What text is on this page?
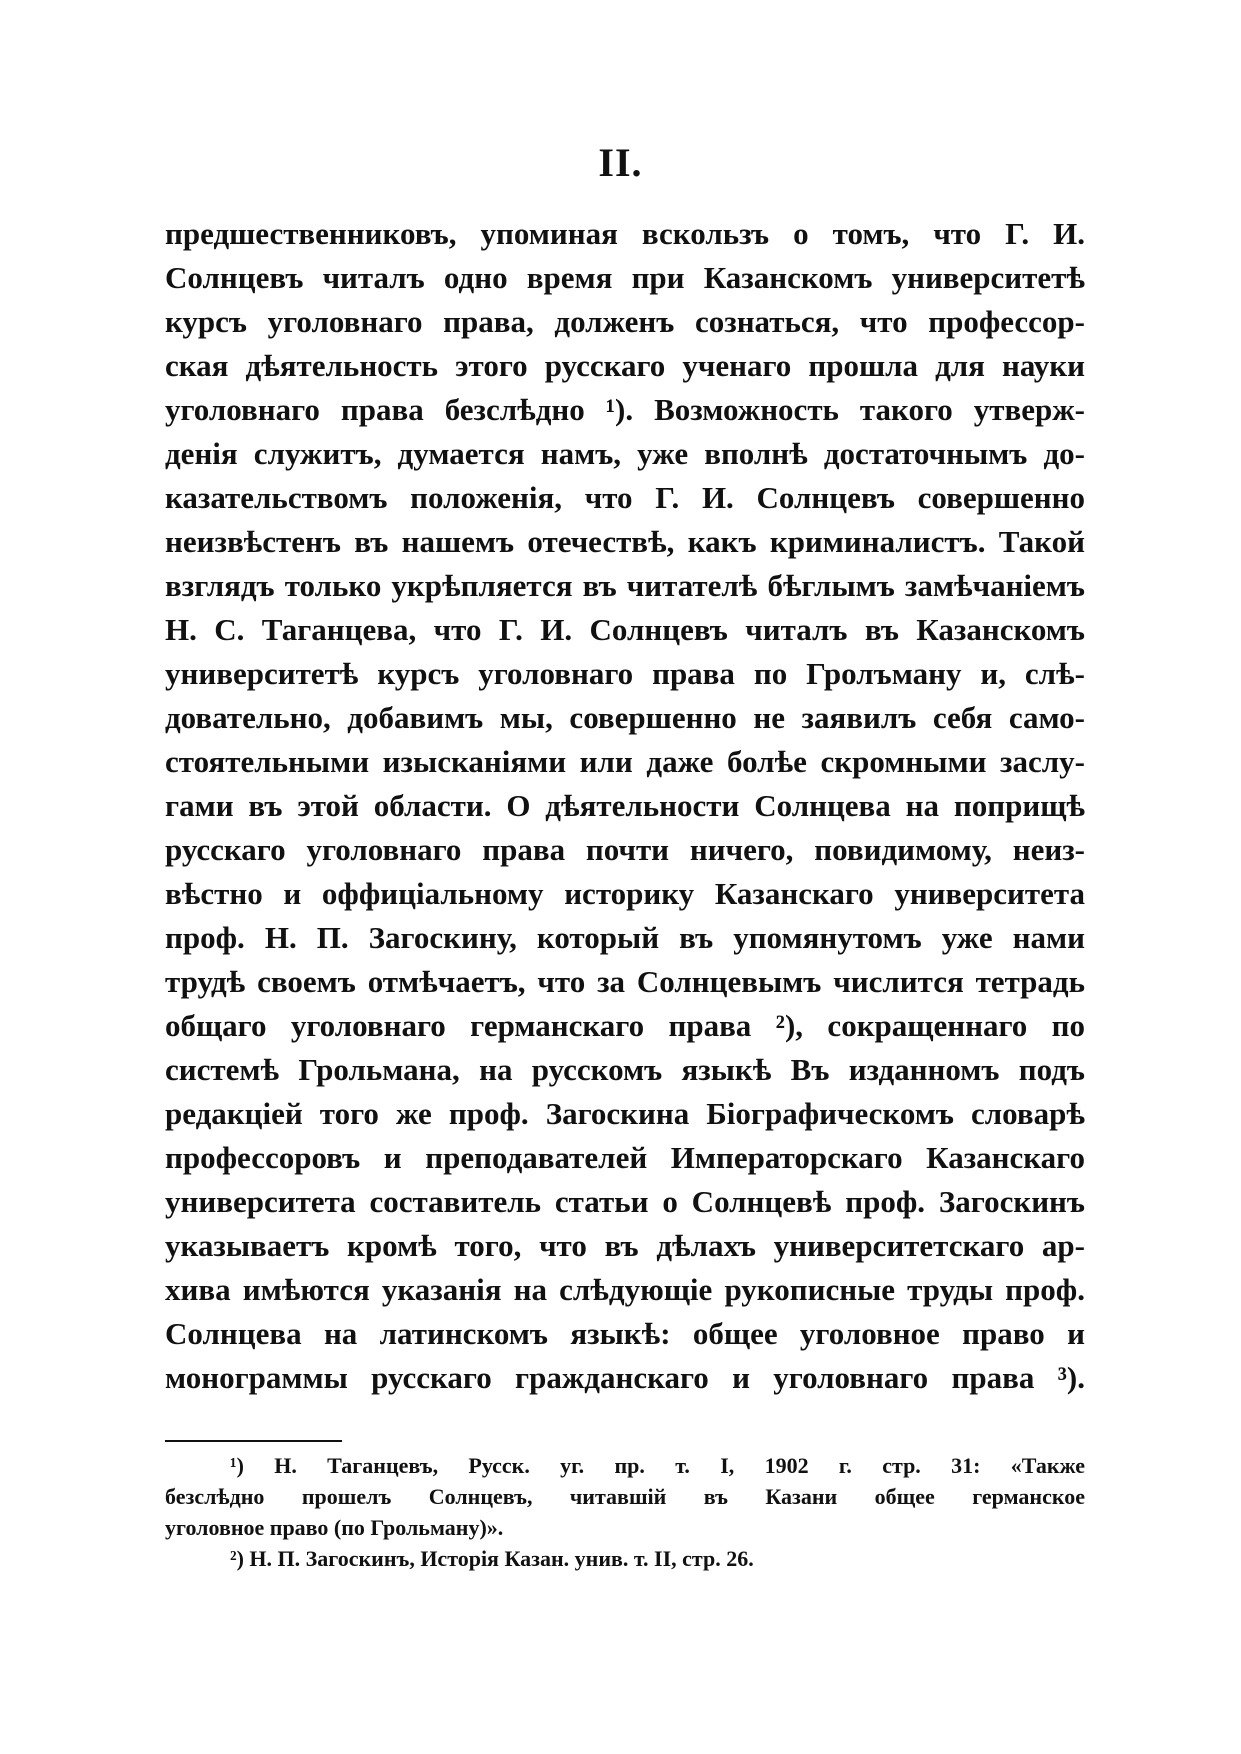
II.
предшественниковъ, упоминая вскользъ о томъ, что Г. И.
Солнцевъ читалъ одно время при Казанскомъ университетѣ
курсъ уголовнаго права, долженъ сознаться, что профессор-
ская дѣятельность этого русскаго ученаго прошла для науки
уголовнаго права безслѣдно ¹). Возможность такого утверж-
денія служитъ, думается намъ, уже вполнѣ достаточнымъ до-
казательствомъ положенія, что Г. И. Солнцевъ совершенно
неизвѣстенъ въ нашемъ отечествѣ, какъ криминалистъ. Такой
взглядъ только укрѣпляется въ читателѣ бѣглымъ замѣчаніемъ
Н. С. Таганцева, что Г. И. Солнцевъ читалъ въ Казанскомъ
университетѣ курсъ уголовнаго права по Гролъману и, слѣ-
довательно, добавимъ мы, совершенно не заявилъ себя само-
стоятельными изысканіями или даже болѣе скромными заслу-
гами въ этой области. О дѣятельности Солнцева на поприщѣ
русскаго уголовнаго права почти ничего, повидимому, неиз-
вѣстно и оффиціальному историку Казанскаго университета
проф. Н. П. Загоскину, который въ упомянутомъ уже нами
трудѣ своемъ отмѣчаетъ, что за Солнцевымъ числится тетрадь
общаго уголовнаго германскаго права ²), сокращеннаго по
системѣ Грольмана, на русскомъ языкѣ Въ изданномъ подъ
редакціей того же проф. Загоскина Біографическомъ словарѣ
профессоровъ и преподавателей Императорскаго Казанскаго
университета составитель статьи о Солнцевѣ проф. Загоскинъ
указываетъ кромѣ того, что въ дѣлахъ университетскаго ар-
хива имѣются указанія на слѣдующіе рукописные труды проф.
Солнцева на латинскомъ языкѣ: общее уголовное право и
монограммы русскаго гражданскаго и уголовнаго права ³).
¹) Н. Таганцевъ, Русск. уг. пр. т. I, 1902 г. стр. 31: «Также
безслѣдно прошелъ Солнцевъ, читавшій въ Казани общее германское
уголовное право (по Грольману)».
²) Н. П. Загоскинъ, Исторія Казан. унив. т. II, стр. 26.
